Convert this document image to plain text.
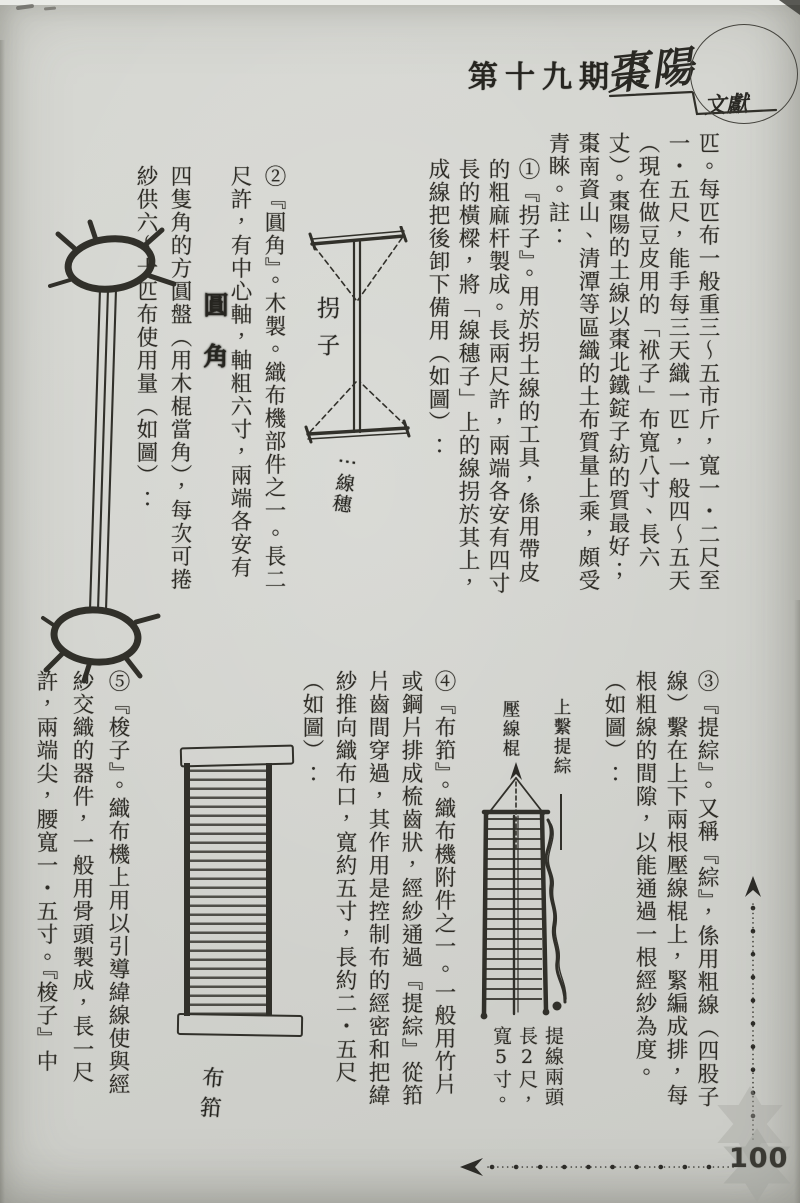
第十九期
棗陽
文獻

匹。每匹布一般重三～五市斤，寬一・二尺至一・五尺，能手每三天織一匹，一般四～五天（現在做豆皮用的「袱子」布寬八寸、長六丈）。棗陽的土線以棗北鐵錠子紡的質最好；棗南資山、清潭等區織的土布質量上乘，頗受青睞。註：

①『拐子』。用於拐土線的工具，係用帶皮的粗麻杆製成。長兩尺許，兩端各安有四寸長的橫樑，將「線穗子」上的線拐於其上，成線把後卸下備用（如圖）：

②『圓角』。木製。織布機部件之一。長二尺許，有中心軸，軸粗六寸，兩端各安有

四隻角的方圓盤（用木棍當角），每次可捲紗供六～十匹布使用量（如圖）：	拐子
⋮線穗
圓角

③『提綜』。又稱『綜』，係用粗線（四股子線）繫在上下兩根壓線棍上，緊編成排，每根粗線的間隙，以能通過一根經紗為度。（如圖）：

④『布筘』。織布機附件之一。一般用竹片或鋼片排成梳齒狀，經紗通過『提綜』從筘片齒間穿過，其作用是控制布的經密和把緯紗推向織布口，寬約五寸，長約二・五尺（如圖）：

⑤『梭子』。織布機上用以引導緯線使與經紗交織的器件，一般用骨頭製成，長一尺許，兩端尖，腰寬一・五寸。『梭子』中	壓線棍 上繫提綜
提線兩頭長2尺，寬5寸。
布筘
100
